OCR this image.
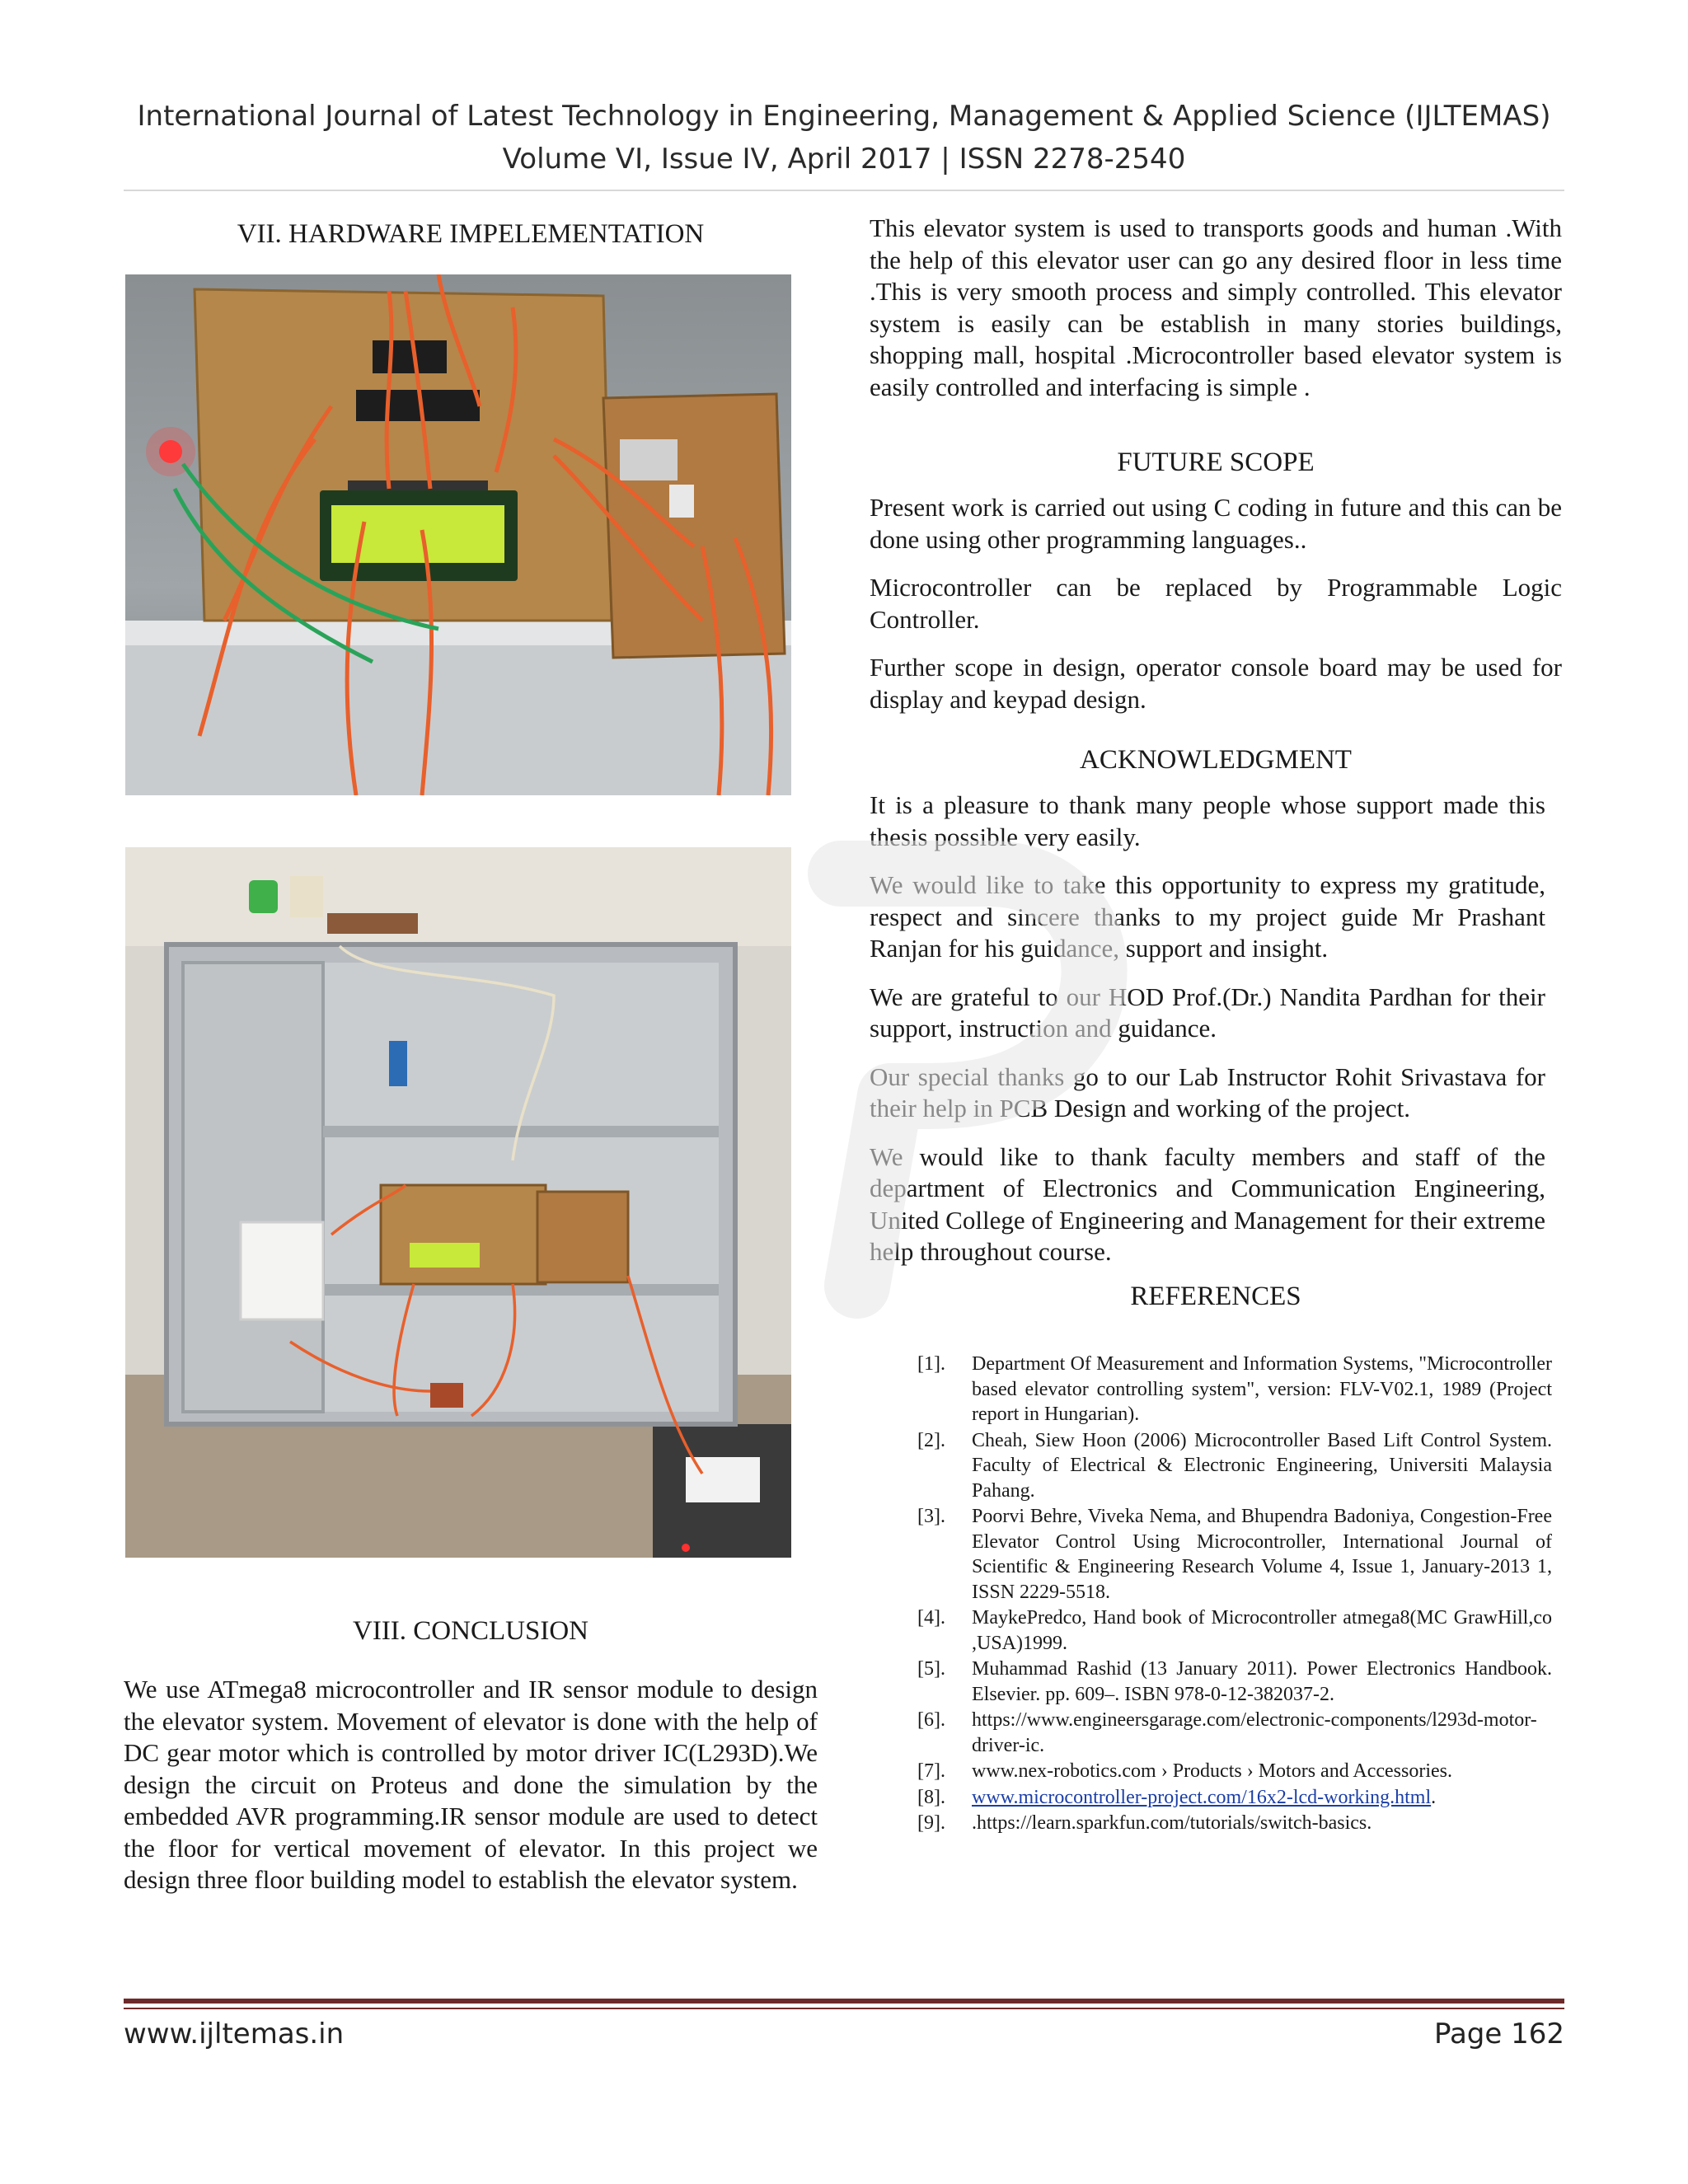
International Journal of Latest Technology in Engineering, Management & Applied Science (IJLTEMAS)
Volume VI, Issue IV, April 2017 | ISSN 2278-2540
VII. HARDWARE IMPELEMENTATION
VIII. CONCLUSION

We use ATmega8 microcontroller and IR sensor module to design the elevator system. Movement of elevator is done with the help of DC gear motor which is controlled by motor driver IC(L293D).We design the circuit on Proteus and done the simulation by the embedded AVR programming.IR sensor module are used to detect the floor for vertical movement of elevator. In this project we design three floor building model to establish the elevator system.

This elevator system is used to transports goods and human .With the help of this elevator user can go any desired floor in less time .This is very smooth process and simply controlled. This elevator system is easily can be establish in many stories buildings, shopping mall, hospital .Microcontroller based elevator system is easily controlled and interfacing is simple .

FUTURE SCOPE

Present work is carried out using C coding in future and this can be done using other programming languages..

Microcontroller can be replaced by Programmable Logic Controller.

Further scope in design, operator console board may be used for display and keypad design.

ACKNOWLEDGMENT

It is a pleasure to thank many people whose support made this thesis possible very easily.

We would like to take this opportunity to express my gratitude, respect and sincere thanks to my project guide Mr Prashant Ranjan for his guidance, support and insight.

We are grateful to our HOD Prof.(Dr.) Nandita Pardhan for their support, instruction and guidance.

Our special thanks go to our Lab Instructor Rohit Srivastava for their help in PCB Design and working of the project.

We would like to thank faculty members and staff of the department of Electronics and Communication Engineering, United College of Engineering and Management for their extreme help throughout course.

REFERENCES
[1].	Department Of Measurement and Information Systems, "Microcontroller based elevator controlling system", version: FLV-V02.1, 1989 (Project report in Hungarian).
[2].	Cheah, Siew Hoon (2006) Microcontroller Based Lift Control System. Faculty of Electrical & Electronic Engineering, Universiti Malaysia Pahang.
[3].	Poorvi Behre, Viveka Nema, and Bhupendra Badoniya, Congestion-Free Elevator Control Using Microcontroller, International Journal of Scientific & Engineering Research Volume 4, Issue 1, January-2013 1, ISSN 2229-5518.
[4].	MaykePredco, Hand book of Microcontroller atmega8(MC GrawHill,co ,USA)1999.
[5].	Muhammad Rashid (13 January 2011). Power Electronics Handbook. Elsevier. pp. 609–. ISBN 978-0-12-382037-2.
[6].	https://www.engineersgarage.com/electronic-components/l293d-motor-driver-ic.
[7].	www.nex-robotics.com › Products › Motors and Accessories.
[8].	www.microcontroller-project.com/16x2-lcd-working.html.
[9].	.https://learn.sparkfun.com/tutorials/switch-basics.
www.ijltemas.in	Page 162
